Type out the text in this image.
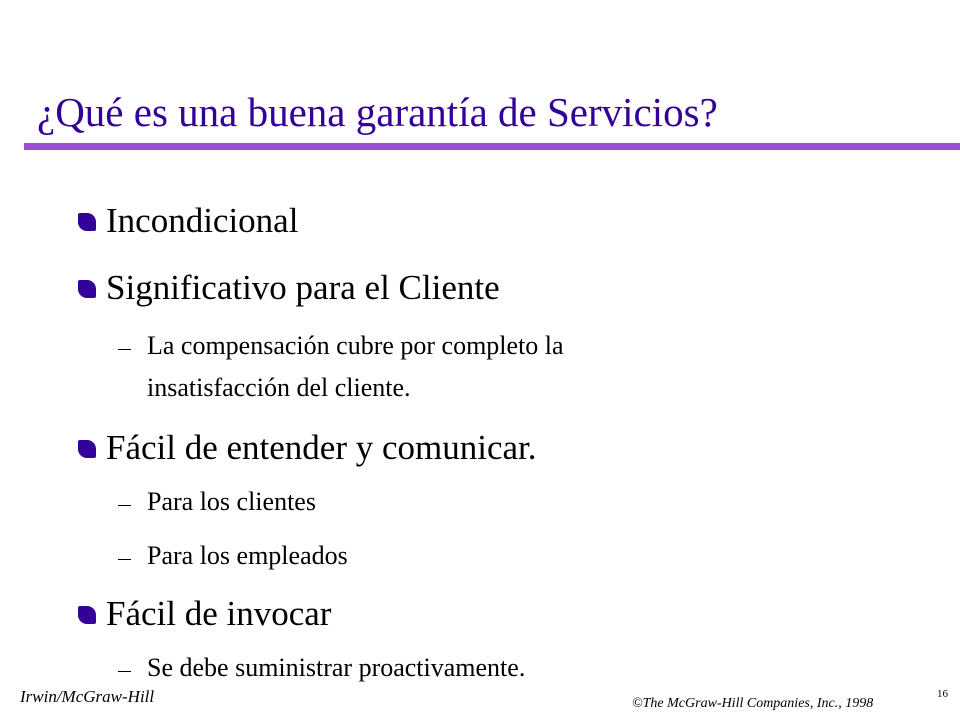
¿Qué es una buena garantía de Servicios?
Incondicional
Significativo para el Cliente
La compensación cubre por completo la
insatisfacción del cliente.
Fácil de entender y comunicar.
Para los clientes
Para los empleados
Fácil de invocar
Se debe suministrar proactivamente.
Irwin/McGraw-Hill	©The McGraw-Hill Companies, Inc., 1998
16
